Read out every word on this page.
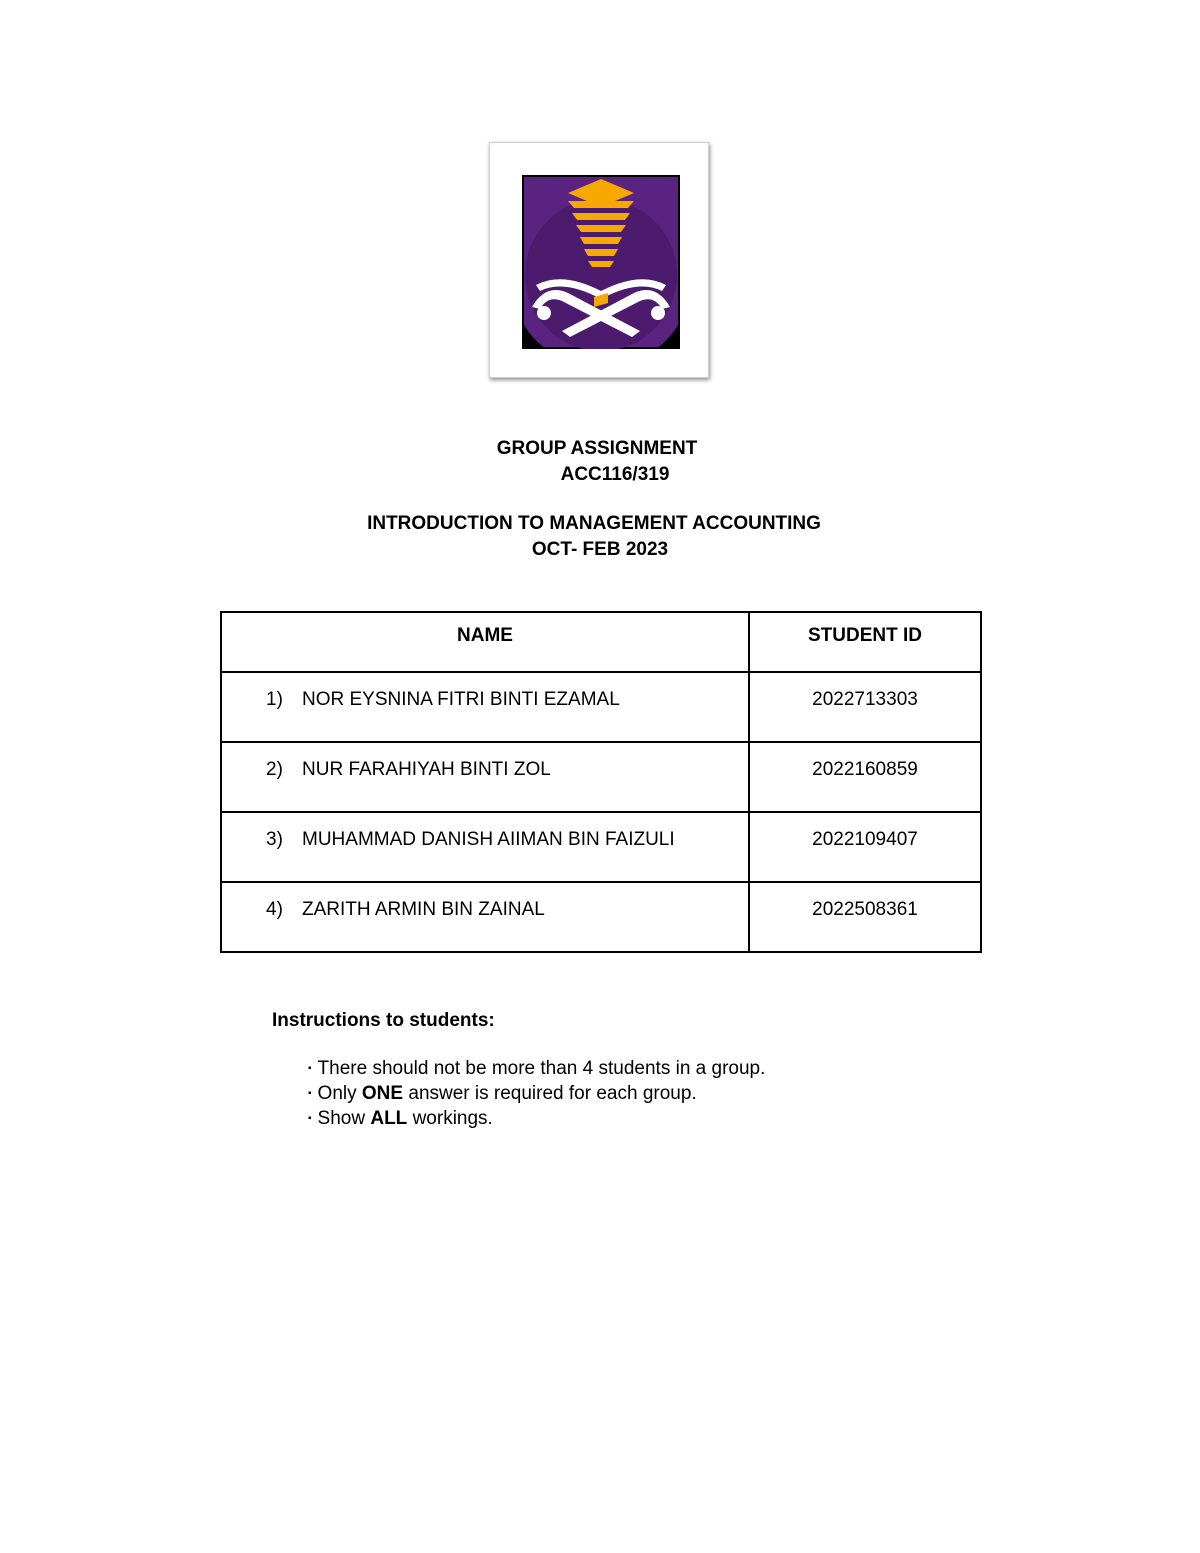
GROUP ASSIGNMENT
ACC116/319
INTRODUCTION TO MANAGEMENT ACCOUNTING
OCT- FEB 2023
NAME	STUDENT ID
1) NOR EYSNINA FITRI BINTI EZAMAL	2022713303
2) NUR FARAHIYAH BINTI ZOL	2022160859
3) MUHAMMAD DANISH AIIMAN BIN FAIZULI	2022109407
4) ZARITH ARMIN BIN ZAINAL	2022508361
Instructions to students:
▪ There should not be more than 4 students in a group.
▪ Only ONE answer is required for each group.
▪ Show ALL workings.
